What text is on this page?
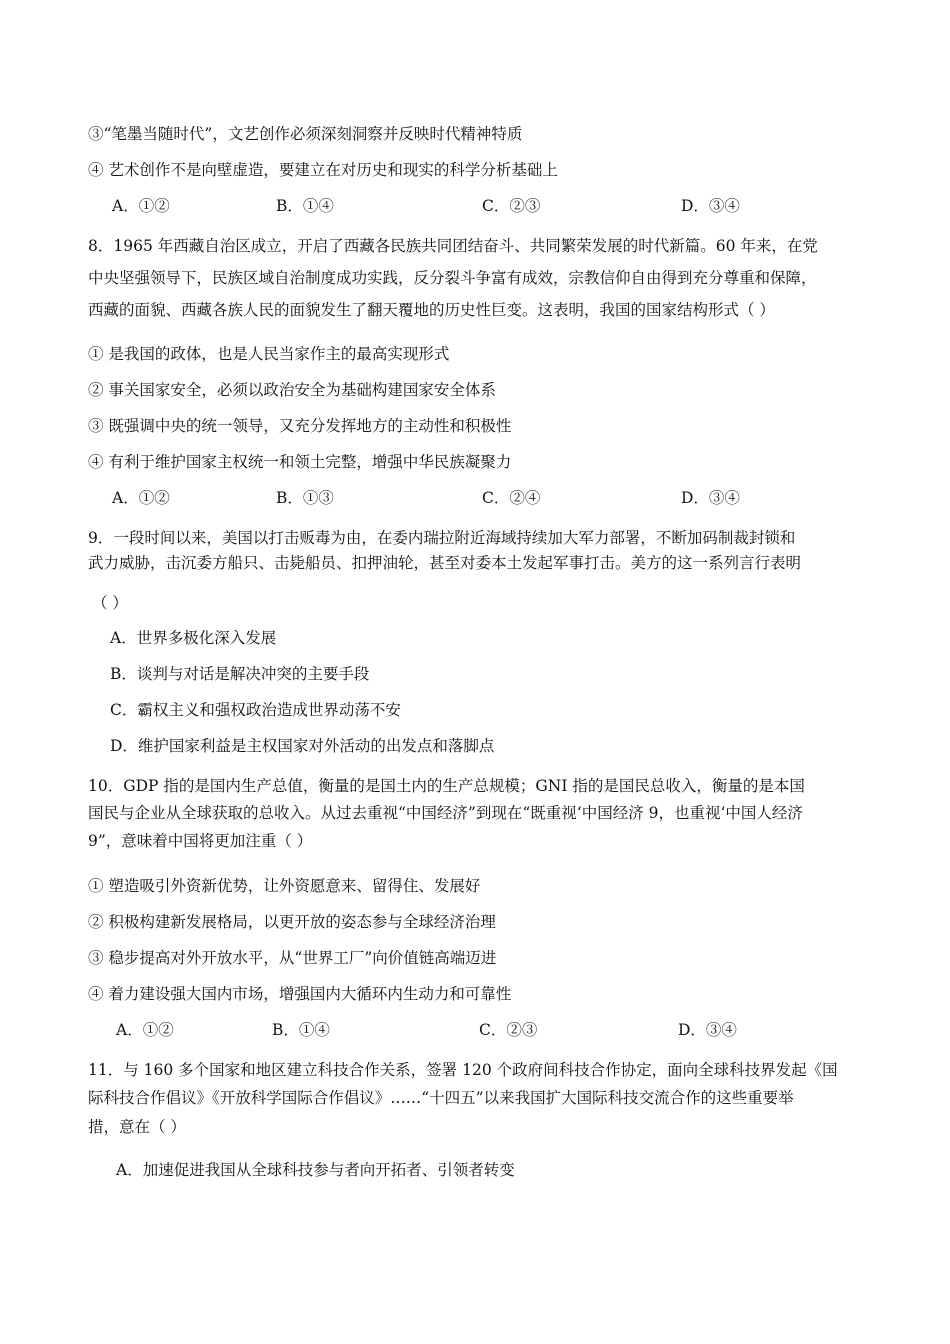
③“笔墨当随时代”，文艺创作必须深刻洞察并反映时代精神特质
④ 艺术创作不是向壁虚造，要建立在对历史和现实的科学分析基础上
A．①②	B．①④	C．②③	D．③④
8．1965 年西藏自治区成立，开启了西藏各民族共同团结奋斗、共同繁荣发展的时代新篇。60 年来，在党
中央坚强领导下，民族区域自治制度成功实践，反分裂斗争富有成效，宗教信仰自由得到充分尊重和保障，
西藏的面貌、西藏各族人民的面貌发生了翻天覆地的历史性巨变。这表明，我国的国家结构形式（ ）
① 是我国的政体，也是人民当家作主的最高实现形式
② 事关国家安全，必须以政治安全为基础构建国家安全体系
③ 既强调中央的统一领导，又充分发挥地方的主动性和积极性
④ 有利于维护国家主权统一和领土完整，增强中华民族凝聚力
A．①②	B．①③	C．②④	D．③④
9．一段时间以来，美国以打击贩毒为由，在委内瑞拉附近海域持续加大军力部署，不断加码制裁封锁和
武力威胁，击沉委方船只、击毙船员、扣押油轮，甚至对委本土发起军事打击。美方的这一系列言行表明
（ ）
A．世界多极化深入发展
B．谈判与对话是解决冲突的主要手段
C．霸权主义和强权政治造成世界动荡不安
D．维护国家利益是主权国家对外活动的出发点和落脚点
10．GDP 指的是国内生产总值，衡量的是国土内的生产总规模；GNI 指的是国民总收入，衡量的是本国
国民与企业从全球获取的总收入。从过去重视“中国经济”到现在“既重视‘中国经济 9，也重视‘中国人经济
9”，意味着中国将更加注重（ ）
① 塑造吸引外资新优势，让外资愿意来、留得住、发展好
② 积极构建新发展格局，以更开放的姿态参与全球经济治理
③ 稳步提高对外开放水平，从“世界工厂”向价值链高端迈进
④ 着力建设强大国内市场，增强国内大循环内生动力和可靠性
A．①②	B．①④	C．②③	D．③④
11．与 160 多个国家和地区建立科技合作关系，签署 120 个政府间科技合作协定，面向全球科技界发起《国
际科技合作倡议》《开放科学国际合作倡议》……“十四五”以来我国扩大国际科技交流合作的这些重要举
措，意在（ ）
A．加速促进我国从全球科技参与者向开拓者、引领者转变
